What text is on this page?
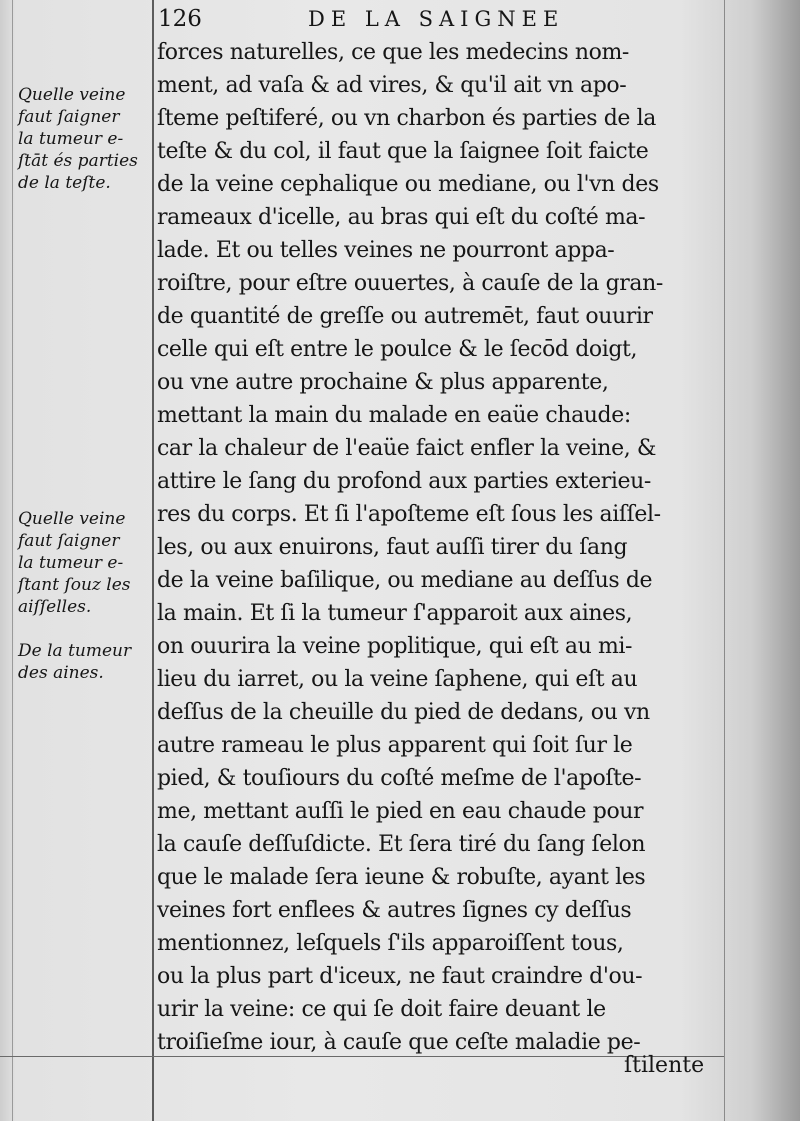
126	DE LA SAIGNEE
Quelle veine
faut ſaigner
la tumeur e-
ſtāt és parties
de la teſte.
Quelle veine
faut ſaigner
la tumeur e-
ſtant ſouz les
aiſſelles.
De la tumeur
des aines.
forces naturelles, ce que les medecins nom-
ment, ad vaſa & ad vires, & qu'il ait vn apo-
ſteme peſtiferé, ou vn charbon és parties de la
teſte & du col, il faut que la ſaignee ſoit faicte
de la veine cephalique ou mediane, ou l'vn des
rameaux d'icelle, au bras qui eſt du coſté ma-
lade. Et ou telles veines ne pourront appa-
roiſtre, pour eſtre ouuertes, à cauſe de la gran-
de quantité de greſſe ou autremēt, faut ouurir
celle qui eſt entre le poulce & le ſecōd doigt,
ou vne autre prochaine & plus apparente,
mettant la main du malade en eaüe chaude:
car la chaleur de l'eaüe faict enfler la veine, &
attire le ſang du profond aux parties exterieu-
res du corps. Et ſi l'apoſteme eſt ſous les aiſſel-
les, ou aux enuirons, faut auſſi tirer du ſang
de la veine baſilique, ou mediane au deſſus de
la main. Et ſi la tumeur ſ'apparoit aux aines,
on ouurira la veine poplitique, qui eſt au mi-
lieu du iarret, ou la veine ſaphene, qui eſt au
deſſus de la cheuille du pied de dedans, ou vn
autre rameau le plus apparent qui ſoit ſur le
pied, & touſiours du coſté meſme de l'apoſte-
me, mettant auſſi le pied en eau chaude pour
la cauſe deſſuſdicte. Et ſera tiré du ſang ſelon
que le malade ſera ieune & robuſte, ayant les
veines fort enflees & autres ſignes cy deſſus
mentionnez, leſquels ſ'ils apparoiſſent tous,
ou la plus part d'iceux, ne faut craindre d'ou-
urir la veine: ce qui ſe doit faire deuant le
troiſieſme iour, à cauſe que ceſte maladie pe-
ſtilente
